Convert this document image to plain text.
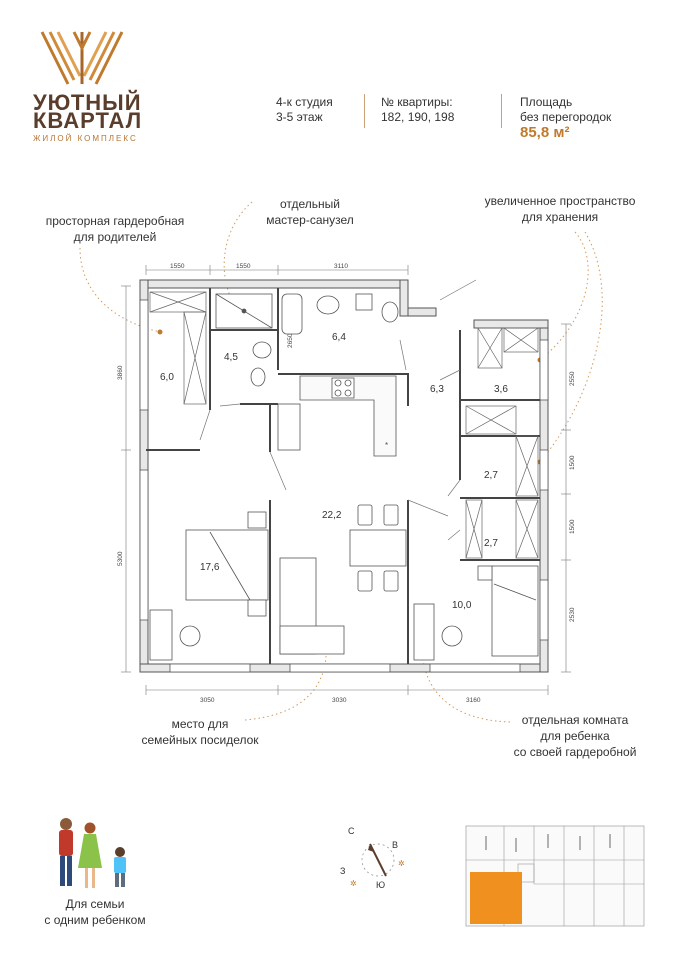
УЮТНЫЙ
КВАРТАЛ
ЖИЛОЙ КОМПЛЕКС
4-к студия
3-5 этаж
№ квартиры:
182, 190, 198
Площадь
без перегородок
85,8 м²
просторная гардеробная
для родителей
отдельный
мастер-санузел
увеличенное пространство
для хранения
место для
семейных посиделок
отдельная комната
для ребенка
со своей гардеробной
1550	1550	3110
3050	3030	3160
3860
5300
2550
1500
1500
2530
2650
*
6,0
4,5
6,4
6,3	3,6
2,7
2,7
22,2
17,6
10,0
Для семьи
с одним ребенком
С
В
З
Ю
✲
✲
